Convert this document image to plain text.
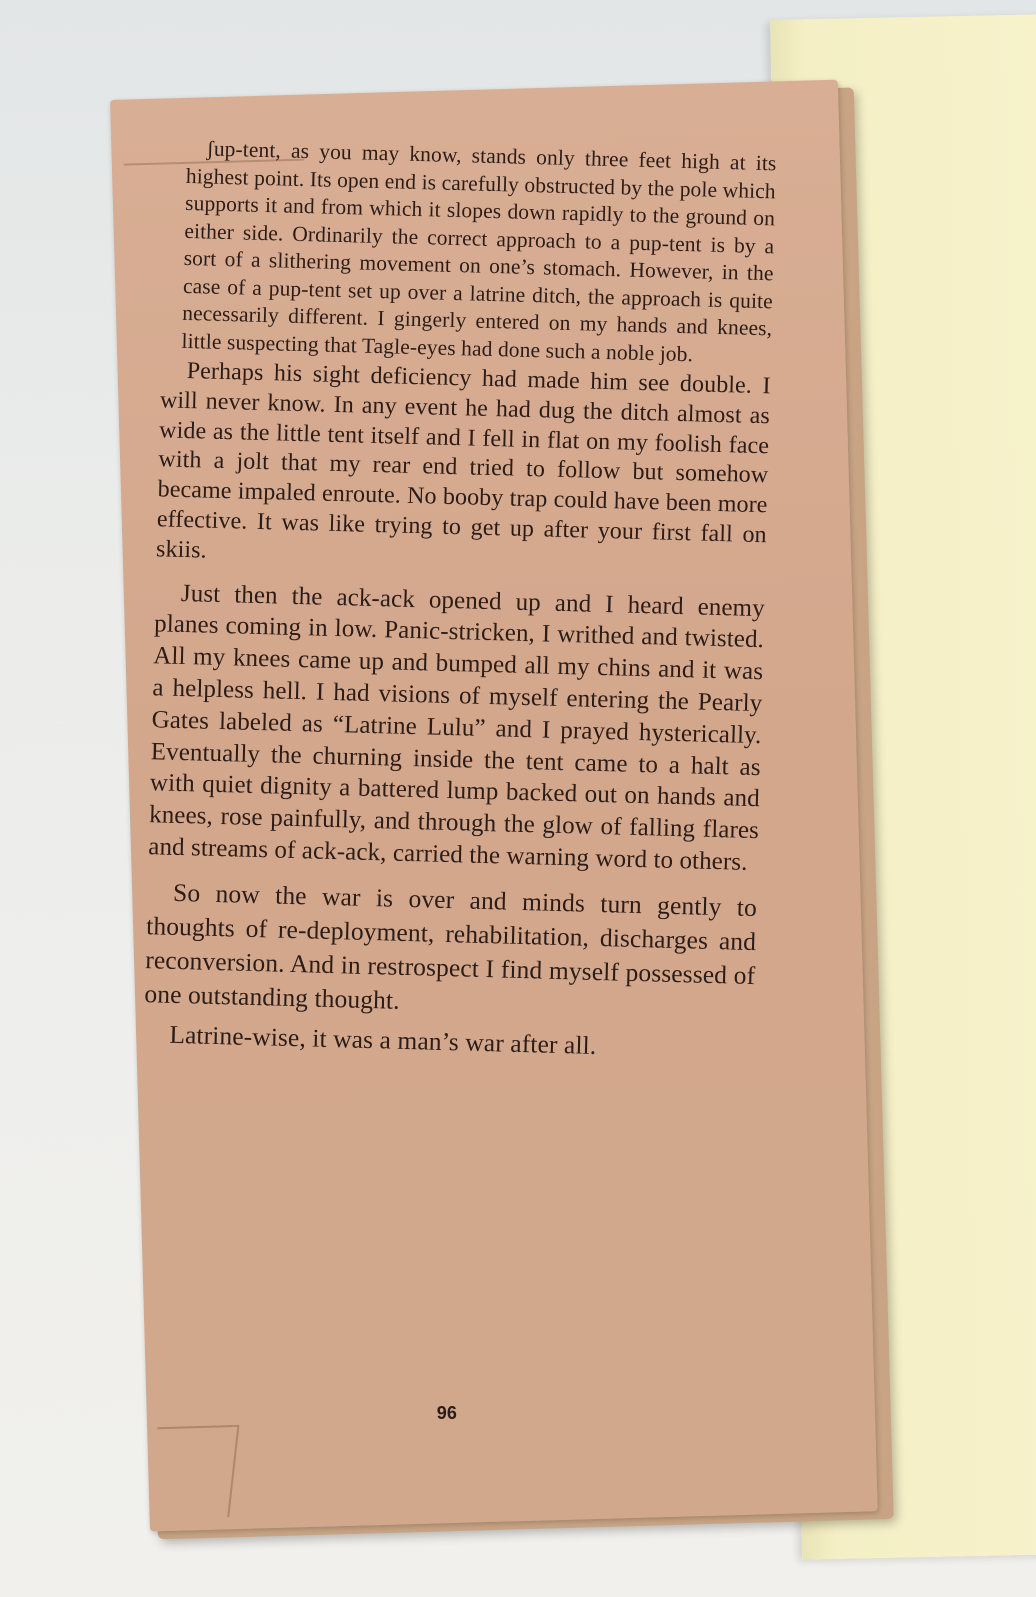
ʃup-tent, as you may know, stands only three feet high at its highest point. Its open end is carefully obstructed by the pole which supports it and from which it slopes down rapidly to the ground on either side. Ordinarily the correct approach to a pup-tent is by a sort of a slithering movement on one’s stomach. However, in the case of a pup-tent set up over a latrine ditch, the approach is quite necessarily different. I gingerly entered on my hands and knees, little suspecting that Tagle-eyes had done such a noble job.

Perhaps his sight deficiency had made him see double. I will never know. In any event he had dug the ditch almost as wide as the little tent itself and I fell in flat on my foolish face with a jolt that my rear end tried to follow but somehow became impaled enroute. No booby trap could have been more effective. It was like trying to get up after your first fall on skiis.

Just then the ack-ack opened up and I heard enemy planes coming in low. Panic-stricken, I writhed and twisted. All my knees came up and bumped all my chins and it was a helpless hell. I had visions of myself entering the Pearly Gates labeled as “Latrine Lulu” and I prayed hysterically. Eventually the churning inside the tent came to a halt as with quiet dignity a battered lump backed out on hands and knees, rose painfully, and through the glow of falling flares and streams of ack-ack, carried the warning word to others.

So now the war is over and minds turn gently to thoughts of re-deployment, rehabilitation, discharges and reconversion. And in restrospect I find myself possessed of one outstanding thought.

Latrine-wise, it was a man’s war after all.

96
